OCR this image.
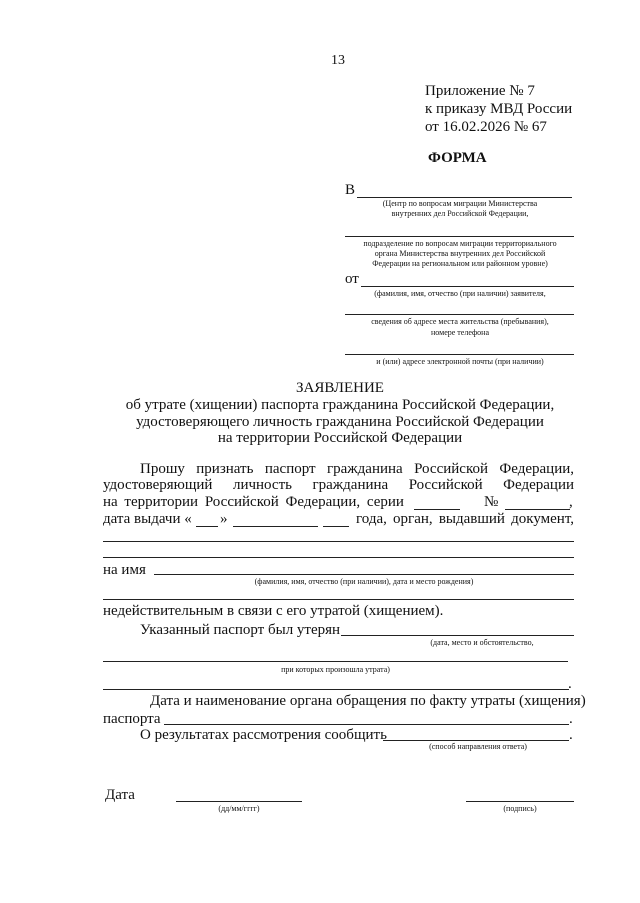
13
Приложение № 7
к приказу МВД России
от 16.02.2026 № 67
ФОРМА
В
(Центр по вопросам миграции Министерства
внутренних дел Российской Федерации,
подразделение по вопросам миграции территориального
органа Министерства внутренних дел Российской
Федерации на региональном или районном уровне)
от
(фамилия, имя, отчество (при наличии) заявителя,
сведения об адресе места жительства (пребывания),
номере телефона
и (или) адресе электронной почты (при наличии)
ЗАЯВЛЕНИЕ
об утрате (хищении) паспорта гражданина Российской Федерации,
удостоверяющего личность гражданина Российской Федерации
на территории Российской Федерации
Прошу признать паспорт гражданина Российской Федерации,
удостоверяющий личность гражданина Российской Федерации
на территории Российской Федерации, серии	№	,
дата выдачи « »	года, орган, выдавший документ,
на имя
(фамилия, имя, отчество (при наличии), дата и место рождения)
недействительным в связи с его утратой (хищением).
Указанный паспорт был утерян
(дата, место и обстоятельство,
при которых произошла утрата)
.
Дата и наименование органа обращения по факту утраты (хищения)
паспорта	.
О результатах рассмотрения сообщить	.
(способ направления ответа)
Дата
(дд/мм/гггг)	(подпись)
